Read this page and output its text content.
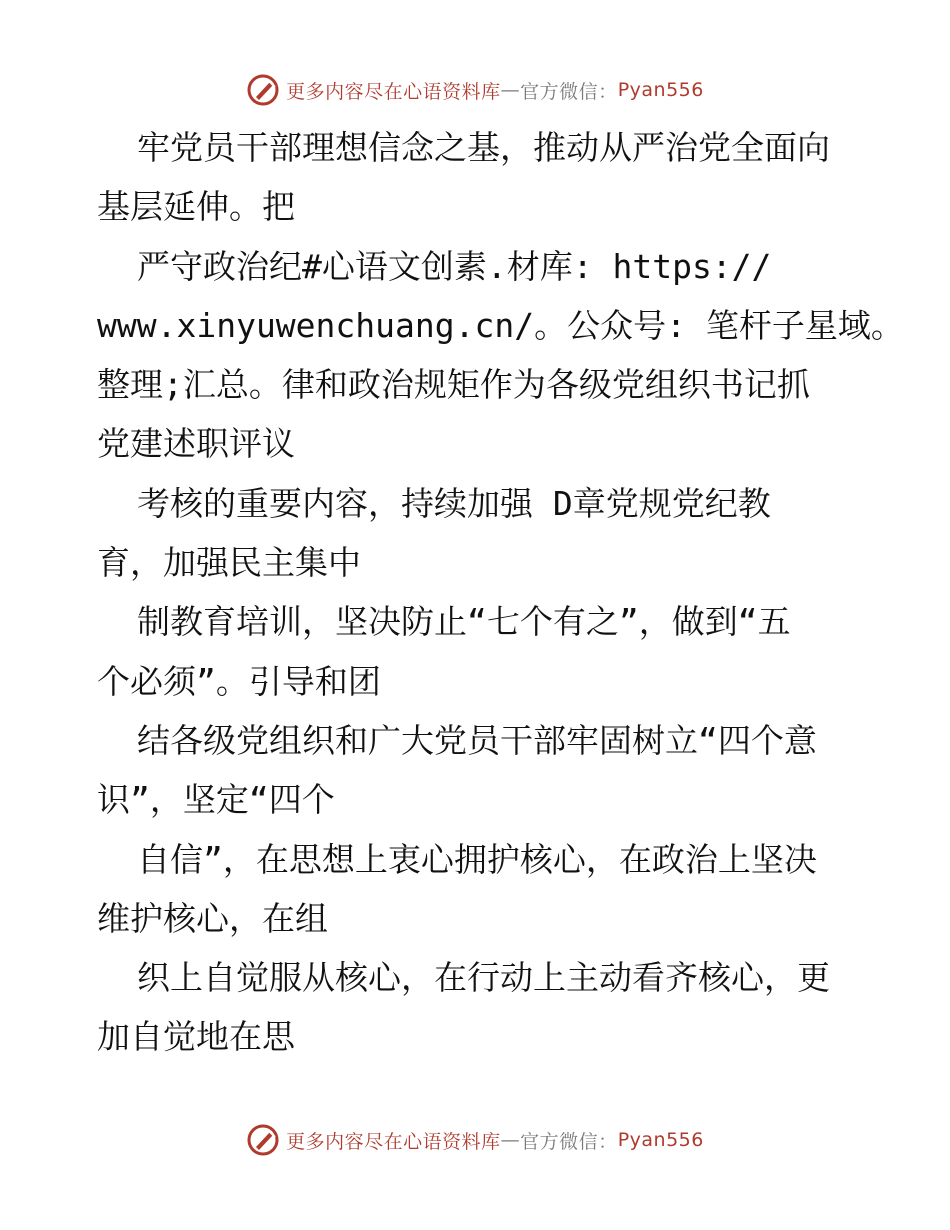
更多内容尽在心语资料库 — 官方微信： Pyan556
牢党员干部理想信念之基，推动从严治党全面向
基层延伸。把
严守政治纪#心语文创素.材库: https://
www.xinyuwenchuang.cn/。公众号: 笔杆子星域。
整理;汇总。律和政治规矩作为各级党组织书记抓
党建述职评议
考核的重要内容，持续加强 D章党规党纪教
育，加强民主集中
制教育培训，坚决防止“七个有之”，做到“五
个必须”。引导和团
结各级党组织和广大党员干部牢固树立“四个意
识”，坚定“四个
自信”，在思想上衷心拥护核心，在政治上坚决
维护核心，在组
织上自觉服从核心，在行动上主动看齐核心，更
加自觉地在思
更多内容尽在心语资料库 — 官方微信： Pyan556
